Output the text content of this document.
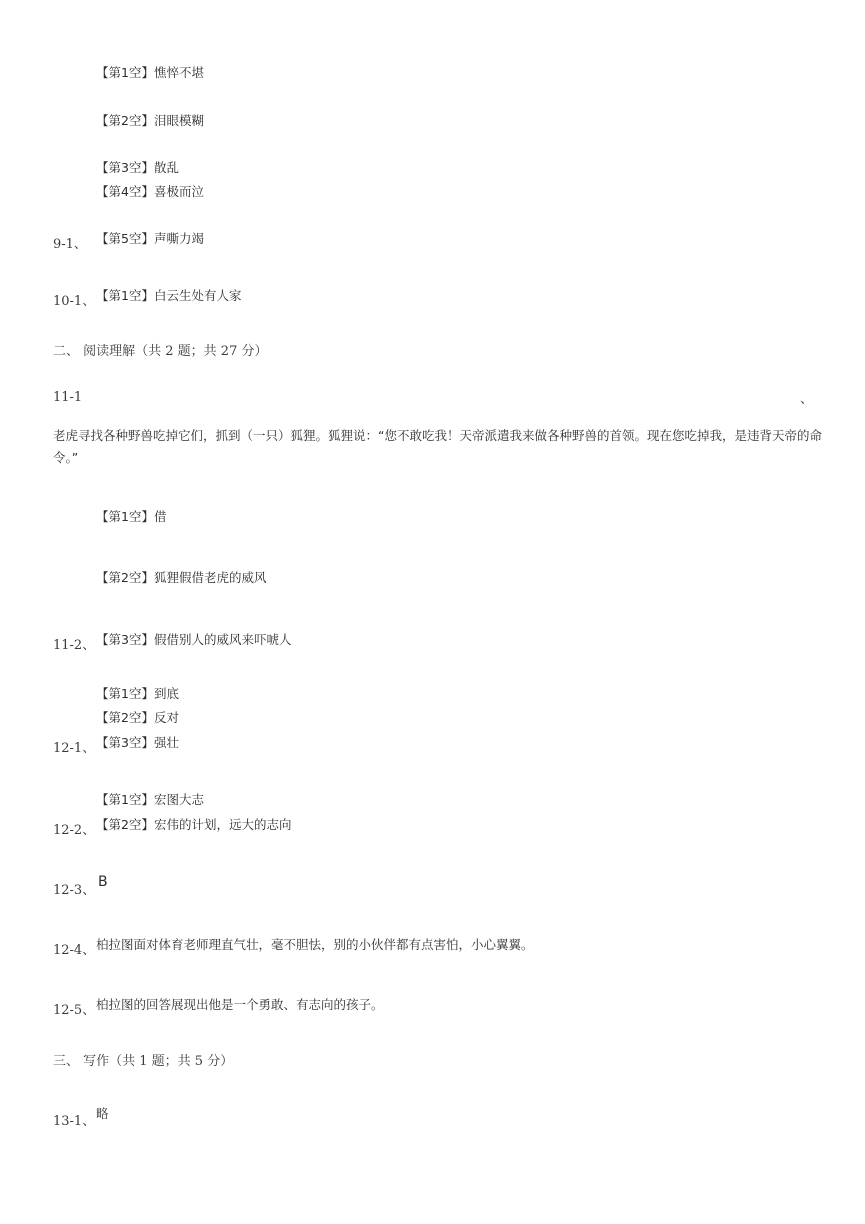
【第1空】憔悴不堪
【第2空】泪眼模糊
【第3空】散乱
【第4空】喜极而泣
9-1、 【第5空】声嘶力竭
10-1、 【第1空】白云生处有人家
二、 阅读理解（共 2 题；共 27 分）
11-1	、
老虎寻找各种野兽吃掉它们，抓到（一只）狐狸。狐狸说：“您不敢吃我！天帝派遣我来做各种野兽的首领。现在您吃掉我，是违背天帝的命令。”
【第1空】借
【第2空】狐狸假借老虎的威风
11-2、 【第3空】假借别人的威风来吓唬人
【第1空】到底
【第2空】反对
12-1、 【第3空】强壮
【第1空】宏图大志
12-2、 【第2空】宏伟的计划，远大的志向
12-3、
B
12-4、 柏拉图面对体育老师理直气壮，毫不胆怯，别的小伙伴都有点害怕，小心翼翼。
12-5、 柏拉图的回答展现出他是一个勇敢、有志向的孩子。
三、 写作（共 1 题；共 5 分）
13-1、
略
